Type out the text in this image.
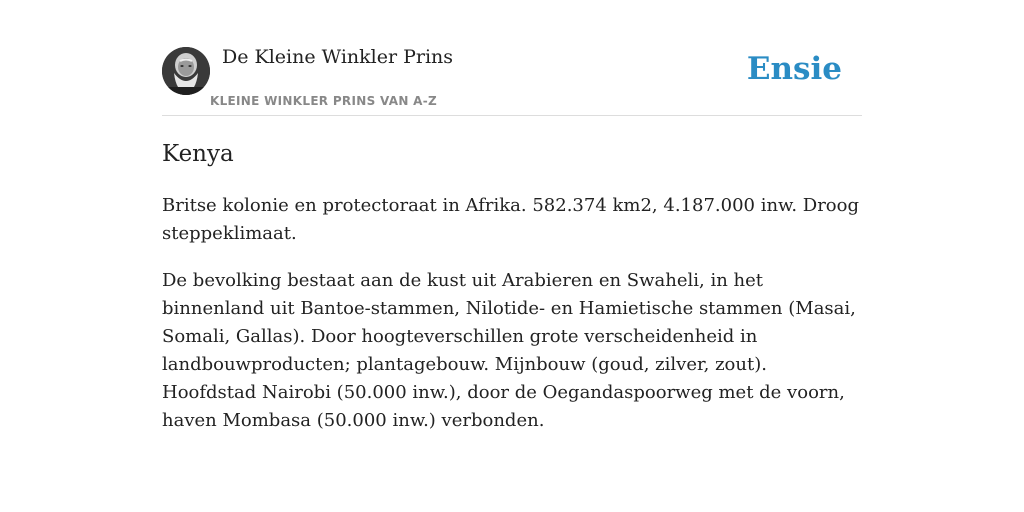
De Kleine Winkler Prins
KLEINE WINKLER PRINS VAN A-Z
Ensie
Kenya

Britse kolonie en protectoraat in Afrika. 582.374 km2, 4.187.000 inw. Droog steppeklimaat.

De bevolking bestaat aan de kust uit Arabieren en Swaheli, in het binnenland uit Bantoe-stammen, Nilotide- en Hamietische stammen (Masai, Somali, Gallas). Door hoogteverschillen grote verscheidenheid in landbouwproducten; plantagebouw. Mijnbouw (goud, zilver, zout). Hoofdstad Nairobi (50.000 inw.), door de Oegandaspoorweg met de voorn, haven Mombasa (50.000 inw.) verbonden.
